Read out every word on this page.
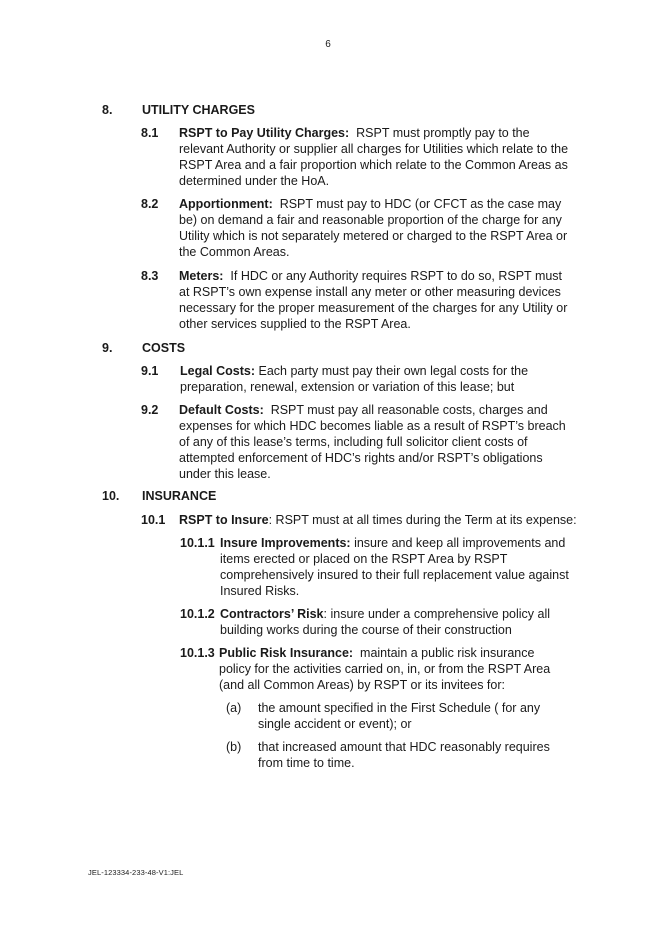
6
8. UTILITY CHARGES
8.1 RSPT to Pay Utility Charges: RSPT must promptly pay to the relevant Authority or supplier all charges for Utilities which relate to the RSPT Area and a fair proportion which relate to the Common Areas as determined under the HoA.
8.2 Apportionment: RSPT must pay to HDC (or CFCT as the case may be) on demand a fair and reasonable proportion of the charge for any Utility which is not separately metered or charged to the RSPT Area or the Common Areas.
8.3 Meters: If HDC or any Authority requires RSPT to do so, RSPT must at RSPT’s own expense install any meter or other measuring devices necessary for the proper measurement of the charges for any Utility or other services supplied to the RSPT Area.
9. COSTS
9.1 Legal Costs: Each party must pay their own legal costs for the preparation, renewal, extension or variation of this lease; but
9.2 Default Costs: RSPT must pay all reasonable costs, charges and expenses for which HDC becomes liable as a result of RSPT’s breach of any of this lease’s terms, including full solicitor client costs of attempted enforcement of HDC’s rights and/or RSPT’s obligations under this lease.
10. INSURANCE
10.1 RSPT to Insure: RSPT must at all times during the Term at its expense:
10.1.1 Insure Improvements: insure and keep all improvements and items erected or placed on the RSPT Area by RSPT comprehensively insured to their full replacement value against Insured Risks.
10.1.2 Contractors’ Risk: insure under a comprehensive policy all building works during the course of their construction
10.1.3 Public Risk Insurance: maintain a public risk insurance policy for the activities carried on, in, or from the RSPT Area (and all Common Areas) by RSPT or its invitees for:
(a) the amount specified in the First Schedule ( for any single accident or event); or
(b) that increased amount that HDC reasonably requires from time to time.
JEL-123334-233-48-V1:JEL
